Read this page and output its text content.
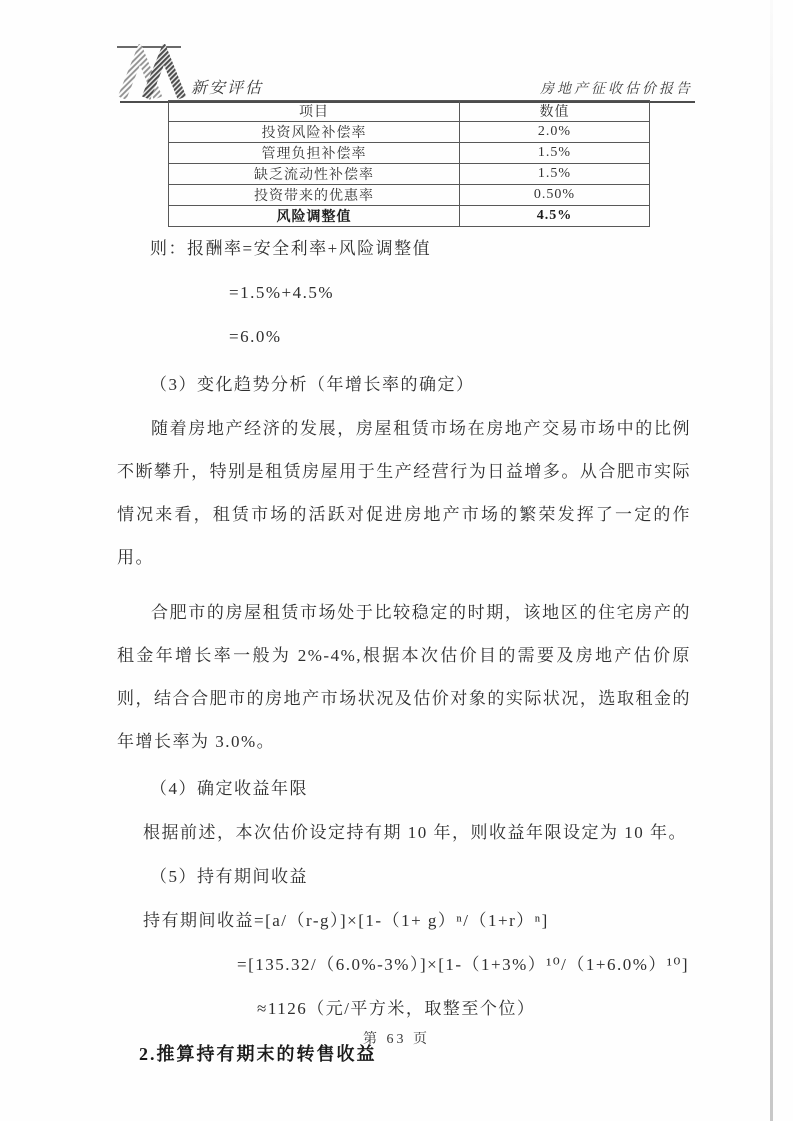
新安评估	房地产征收估价报告
项目	数值
投资风险补偿率	2.0%
管理负担补偿率	1.5%
缺乏流动性补偿率	1.5%
投资带来的优惠率	0.50%
风险调整值	4.5%
则：报酬率=安全利率+风险调整值
=1.5%+4.5%
=6.0%
（3）变化趋势分析（年增长率的确定）

随着房地产经济的发展，房屋租赁市场在房地产交易市场中的比例不断攀升，特别是租赁房屋用于生产经营行为日益增多。从合肥市实际情况来看，租赁市场的活跃对促进房地产市场的繁荣发挥了一定的作用。

合肥市的房屋租赁市场处于比较稳定的时期，该地区的住宅房产的租金年增长率一般为 2%-4%,根据本次估价目的需要及房地产估价原则，结合合肥市的房地产市场状况及估价对象的实际状况，选取租金的年增长率为 3.0%。

（4）确定收益年限
根据前述，本次估价设定持有期 10 年，则收益年限设定为 10 年。
（5）持有期间收益
持有期间收益=[a/（r-g）]×[1-（1+ g）ⁿ/（1+r）ⁿ]
=[135.32/（6.0%-3%）]×[1-（1+3%）¹⁰/（1+6.0%）¹⁰]
≈1126（元/平方米，取整至个位）
2.推算持有期末的转售收益
第 63 页
